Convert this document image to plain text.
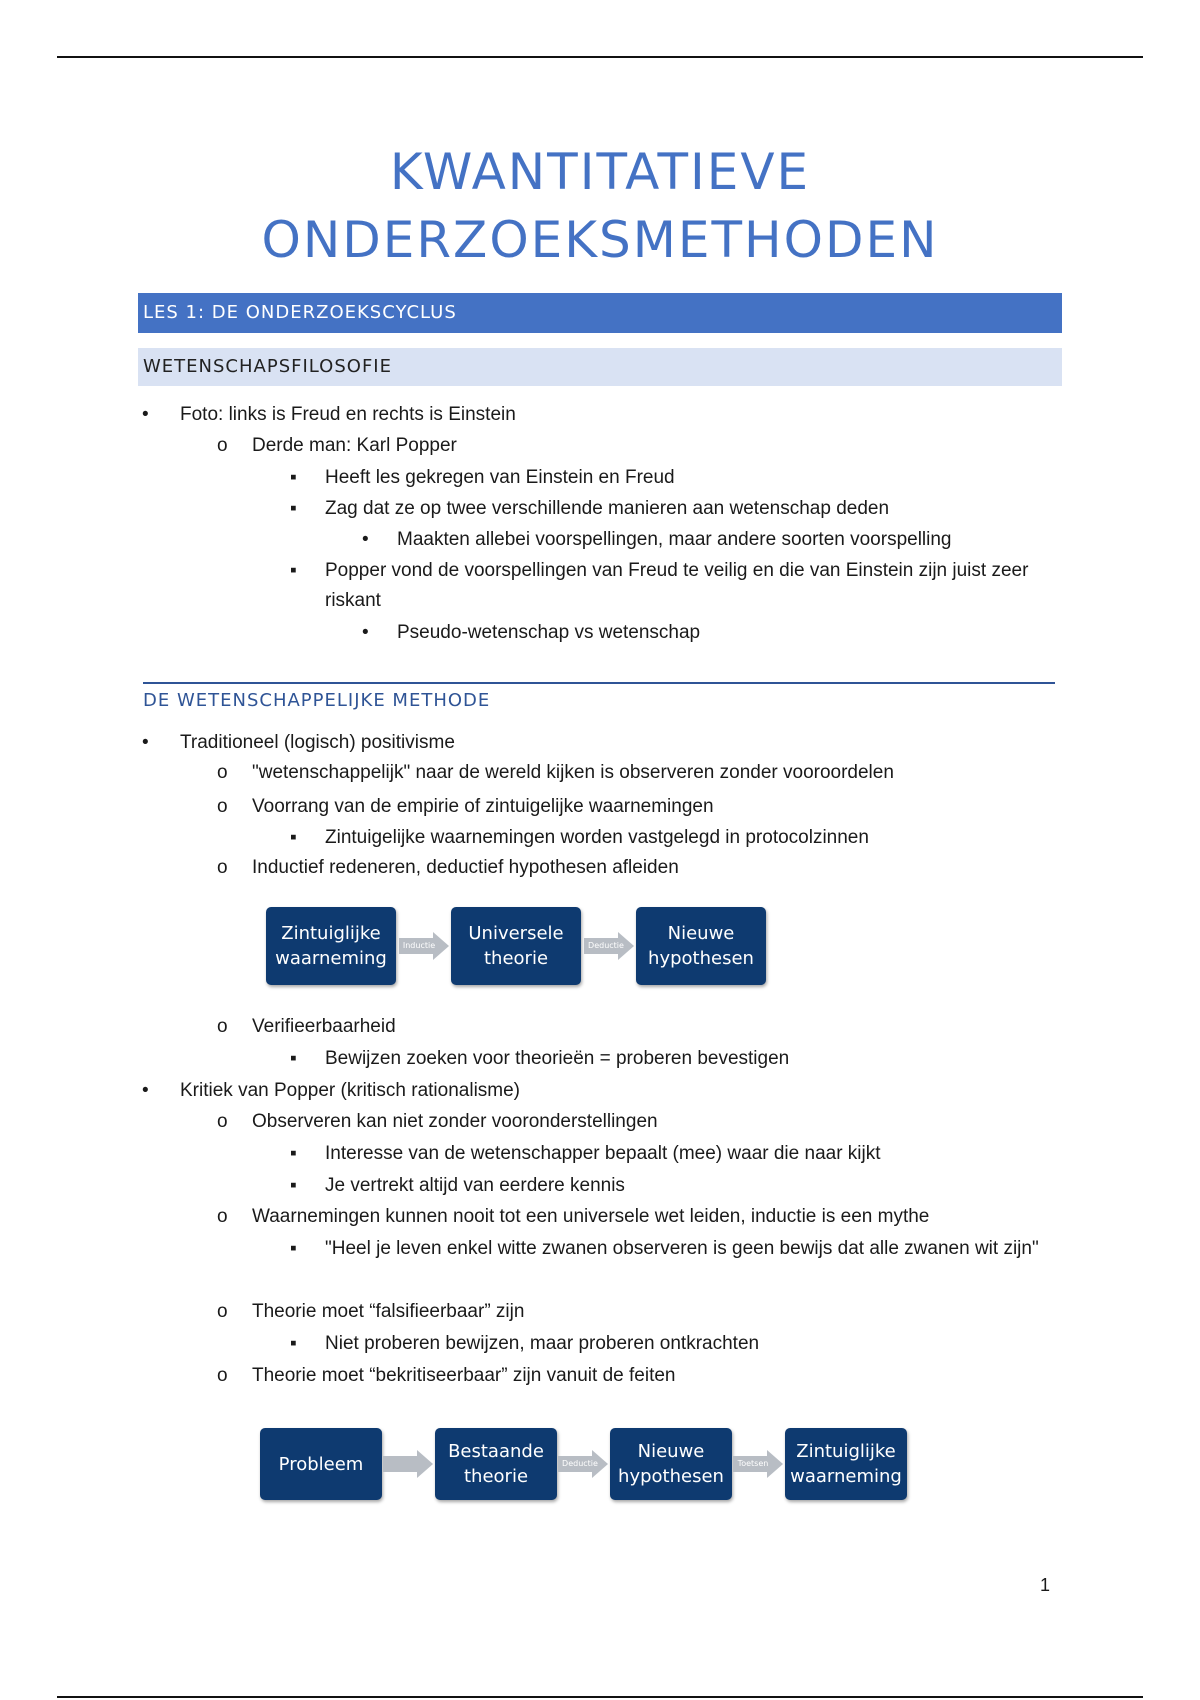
KWANTITATIEVE
ONDERZOEKSMETHODEN
LES 1: DE ONDERZOEKSCYCLUS
WETENSCHAPSFILOSOFIE
• Foto: links is Freud en rechts is Einstein
o Derde man: Karl Popper
▪ Heeft les gekregen van Einstein en Freud
▪ Zag dat ze op twee verschillende manieren aan wetenschap deden
• Maakten allebei voorspellingen, maar andere soorten voorspelling
▪ Popper vond de voorspellingen van Freud te veilig en die van Einstein zijn juist zeer riskant
• Pseudo-wetenschap vs wetenschap
DE WETENSCHAPPELIJKE METHODE
• Traditioneel (logisch) positivisme
o "wetenschappelijk" naar de wereld kijken is observeren zonder vooroordelen
o Voorrang van de empirie of zintuigelijke waarnemingen
▪ Zintuigelijke waarnemingen worden vastgelegd in protocolzinnen
o Inductief redeneren, deductief hypothesen afleiden
Zintuiglijke waarneming
Inductie
Universele theorie
Deductie
Nieuwe hypothesen
o Verifieerbaarheid
▪ Bewijzen zoeken voor theorieën = proberen bevestigen
• Kritiek van Popper (kritisch rationalisme)
o Observeren kan niet zonder vooronderstellingen
▪ Interesse van de wetenschapper bepaalt (mee) waar die naar kijkt
▪ Je vertrekt altijd van eerdere kennis
o Waarnemingen kunnen nooit tot een universele wet leiden, inductie is een mythe
▪ "Heel je leven enkel witte zwanen observeren is geen bewijs dat alle zwanen wit zijn"
o Theorie moet “falsifieerbaar” zijn
▪ Niet proberen bewijzen, maar proberen ontkrachten
o Theorie moet “bekritiseerbaar” zijn vanuit de feiten
Probleem
Bestaande theorie
Deductie
Nieuwe hypothesen
Toetsen
Zintuiglijke waarneming
1
